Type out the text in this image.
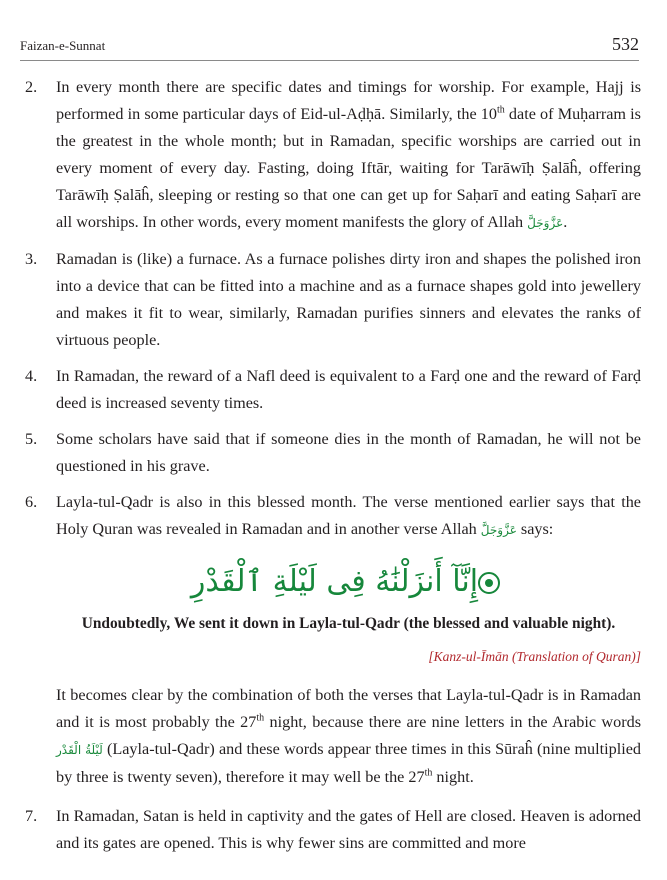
Faizan-e-Sunnat	532
2.	In every month there are specific dates and timings for worship. For example, Hajj is performed in some particular days of Eid-ul-Aḍḥā. Similarly, the 10th date of Muḥarram is the greatest in the whole month; but in Ramadan, specific worships are carried out in every moment of every day. Fasting, doing Iftār, waiting for Tarāwīḥ Ṣalāĥ, offering Tarāwīḥ Ṣalāĥ, sleeping or resting so that one can get up for Saḥarī and eating Saḥarī are all worships. In other words, every moment manifests the glory of Allah عَزَّوَجَلَّ.
3.	Ramadan is (like) a furnace. As a furnace polishes dirty iron and shapes the polished iron into a device that can be fitted into a machine and as a furnace shapes gold into jewellery and makes it fit to wear, similarly, Ramadan purifies sinners and elevates the ranks of virtuous people.
4.	In Ramadan, the reward of a Nafl deed is equivalent to a Farḍ one and the reward of Farḍ deed is increased seventy times.
5.	Some scholars have said that if someone dies in the month of Ramadan, he will not be questioned in his grave.
6.	Layla-tul-Qadr is also in this blessed month. The verse mentioned earlier says that the Holy Quran was revealed in Ramadan and in another verse Allah عَزَّوَجَلَّ says:
إِنَّآ أَنزَلْنَٰهُ فِى لَيْلَةِ ٱلْقَدْرِ
Undoubtedly, We sent it down in Layla-tul-Qadr (the blessed and valuable night).
[Kanz-ul-Īmān (Translation of Quran)]
It becomes clear by the combination of both the verses that Layla-tul-Qadr is in Ramadan and it is most probably the 27th night, because there are nine letters in the Arabic words لَيْلَةُ الْقَدْر (Layla-tul-Qadr) and these words appear three times in this Sūraĥ (nine multiplied by three is twenty seven), therefore it may well be the 27th night.
7.	In Ramadan, Satan is held in captivity and the gates of Hell are closed. Heaven is adorned and its gates are opened. This is why fewer sins are committed and more
